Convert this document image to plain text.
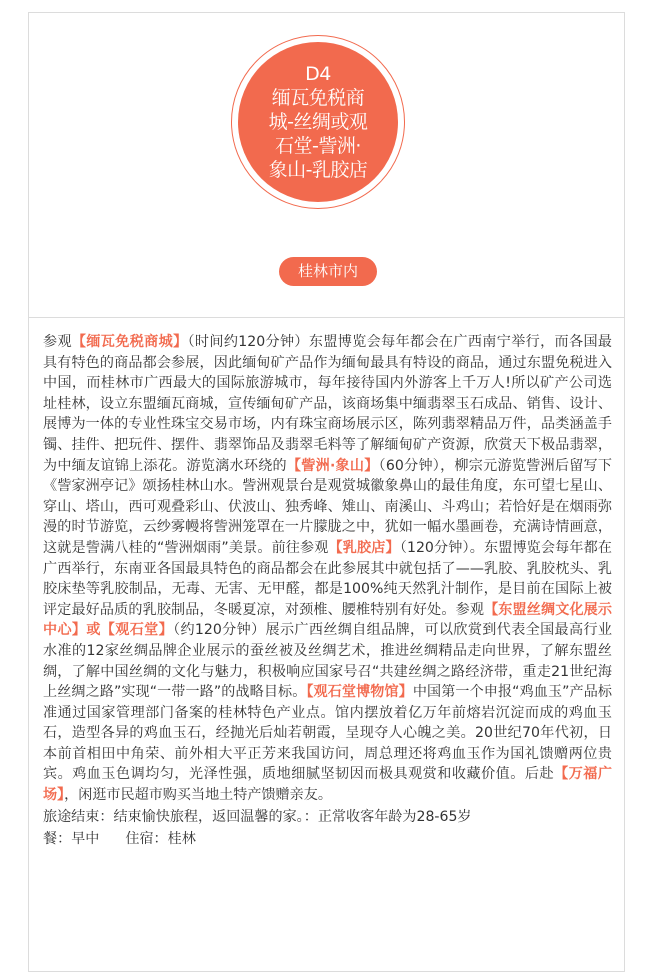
D4
缅瓦免税商
城-丝绸或观
石堂-訾洲·
象山-乳胶店
桂林市内
参观【缅瓦免税商城】（时间约120分钟）东盟博览会每年都会在广西南宁举行，而各国最具有特色的商品都会参展，因此缅甸矿产品作为缅甸最具有特设的商品，通过东盟免税进入中国，而桂林市广西最大的国际旅游城市，每年接待国内外游客上千万人!所以矿产公司选址桂林，设立东盟缅瓦商城，宣传缅甸矿产品，该商场集中缅翡翠玉石成品、销售、设计、展博为一体的专业性珠宝交易市场，内有珠宝商场展示区，陈列翡翠精品万件，品类涵盖手镯、挂件、把玩件、摆件、翡翠饰品及翡翠毛料等了解缅甸矿产资源，欣赏天下极品翡翠，为中缅友谊锦上添花。游览漓水环绕的【訾洲·象山】（60分钟），柳宗元游览訾洲后留写下《訾家洲亭记》颂扬桂林山水。訾洲观景台是观赏城徽象鼻山的最佳角度，东可望七星山、穿山、塔山，西可观叠彩山、伏波山、独秀峰、雉山、南溪山、斗鸡山；若恰好是在烟雨弥漫的时节游览，云纱雾幔将訾洲笼罩在一片朦胧之中，犹如一幅水墨画卷，充满诗情画意，这就是訾满八桂的“訾洲烟雨”美景。前往参观【乳胶店】（120分钟）。东盟博览会每年都在广西举行，东南亚各国最具特色的商品都会在此参展其中就包括了——乳胶、乳胶枕头、乳胶床垫等乳胶制品，无毒、无害、无甲醛，都是100%纯天然乳汁制作，是目前在国际上被评定最好品质的乳胶制品，冬暖夏凉，对颈椎、腰椎特别有好处。参观【东盟丝绸文化展示中心】或【观石堂】（约120分钟）展示广西丝绸自组品牌，可以欣赏到代表全国最高行业水准的12家丝绸品牌企业展示的蚕丝被及丝绸艺术，推进丝绸精品走向世界，了解东盟丝绸，了解中国丝绸的文化与魅力，积极响应国家号召“共建丝绸之路经济带，重走21世纪海上丝绸之路”实现“一带一路”的战略目标。【观石堂博物馆】中国第一个申报“鸡血玉”产品标准通过国家管理部门备案的桂林特色产业点。馆内摆放着亿万年前熔岩沉淀而成的鸡血玉石，造型各异的鸡血玉石，经抛光后灿若朝霞，呈现夺人心魄之美。20世纪70年代初，日本前首相田中角荣、前外相大平正芳来我国访问，周总理还将鸡血玉作为国礼馈赠两位贵宾。鸡血玉色调均匀，光泽性强，质地细腻坚韧因而极具观赏和收藏价值。后赴【万福广场】，闲逛市民超市购买当地土特产馈赠亲友。
旅途结束：结束愉快旅程，返回温馨的家。：正常收客年龄为28-65岁
餐：早中 住宿：桂林
